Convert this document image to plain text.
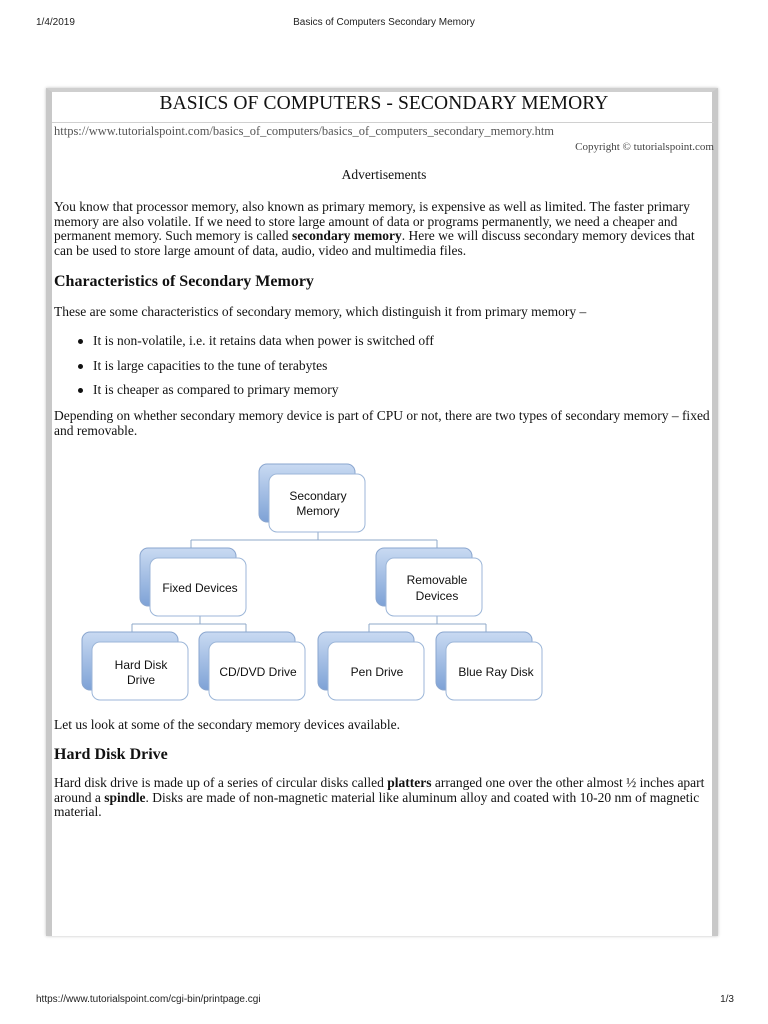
1/4/2019	Basics of Computers Secondary Memory
BASICS OF COMPUTERS - SECONDARY MEMORY
https://www.tutorialspoint.com/basics_of_computers/basics_of_computers_secondary_memory.htm
Copyright © tutorialspoint.com
Advertisements

You know that processor memory, also known as primary memory, is expensive as well as limited. The faster primary memory are also volatile. If we need to store large amount of data or programs permanently, we need a cheaper and permanent memory. Such memory is called secondary memory. Here we will discuss secondary memory devices that can be used to store large amount of data, audio, video and multimedia files.

Characteristics of Secondary Memory

These are some characteristics of secondary memory, which distinguish it from primary memory –

It is non-volatile, i.e. it retains data when power is switched off
It is large capacities to the tune of terabytes
It is cheaper as compared to primary memory

Depending on whether secondary memory device is part of CPU or not, there are two types of secondary memory – fixed and removable.

Secondary
Memory
Fixed Devices
Removable
Devices
Hard Disk
Drive
CD/DVD Drive	Pen Drive	Blue Ray Disk

Let us look at some of the secondary memory devices available.

Hard Disk Drive

Hard disk drive is made up of a series of circular disks called platters arranged one over the other almost ½ inches apart around a spindle. Disks are made of non-magnetic material like aluminum alloy and coated with 10-20 nm of magnetic material.

https://www.tutorialspoint.com/cgi-bin/printpage.cgi	1/3
